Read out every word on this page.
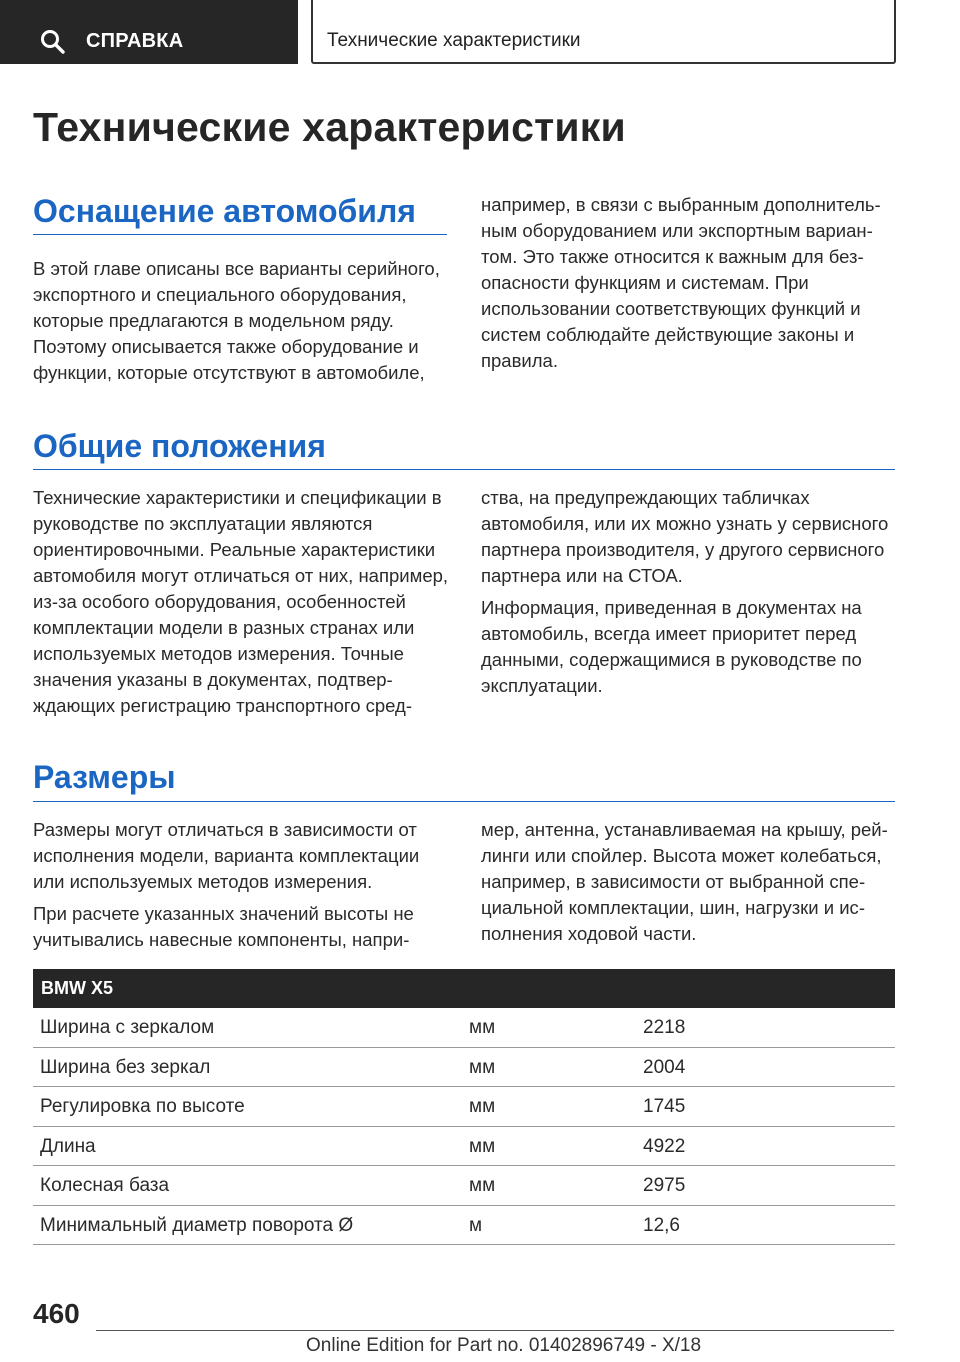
СПРАВКА	Технические характеристики
Технические характеристики
Оснащение автомобиля

В этой главе описаны все варианты серийного, экспортного и специального оборудования, которые предлагаются в модельном ряду. Поэтому описывается также оборудование и функции, которые отсутствуют в автомобиле,

например, в связи с выбранным дополнительным оборудованием или экспортным вариантом. Это также относится к важным для безопасности функциям и системам. При использовании соответствующих функций и систем соблюдайте действующие законы и правила.

Общие положения

Технические характеристики и спецификации в руководстве по эксплуатации являются ориентировочными. Реальные характеристики автомобиля могут отличаться от них, например, из-за особого оборудования, особенностей комплектации модели в разных странах или используемых методов измерения. Точные значения указаны в документах, подтверждающих регистрацию транспортного сред-

ства, на предупреждающих табличках автомобиля, или их можно узнать у сервисного партнера производителя, у другого сервисного партнера или на СТОА.

Информация, приведенная в документах на автомобиль, всегда имеет приоритет перед данными, содержащимися в руководстве по эксплуатации.

Размеры

Размеры могут отличаться в зависимости от исполнения модели, варианта комплектации или используемых методов измерения.

При расчете указанных значений высоты не учитывались навесные компоненты, напри-

мер, антенна, устанавливаемая на крышу, рейлинги или спойлер. Высота может колебаться, например, в зависимости от выбранной специальной комплектации, шин, нагрузки и исполнения ходовой части.

BMW X5
Ширина с зеркалом	мм	2218
Ширина без зеркал	мм	2004
Регулировка по высоте	мм	1745
Длина	мм	4922
Колесная база	мм	2975
Минимальный диаметр поворота Ø	м	12,6
460
Online Edition for Part no. 01402896749 - X/18
